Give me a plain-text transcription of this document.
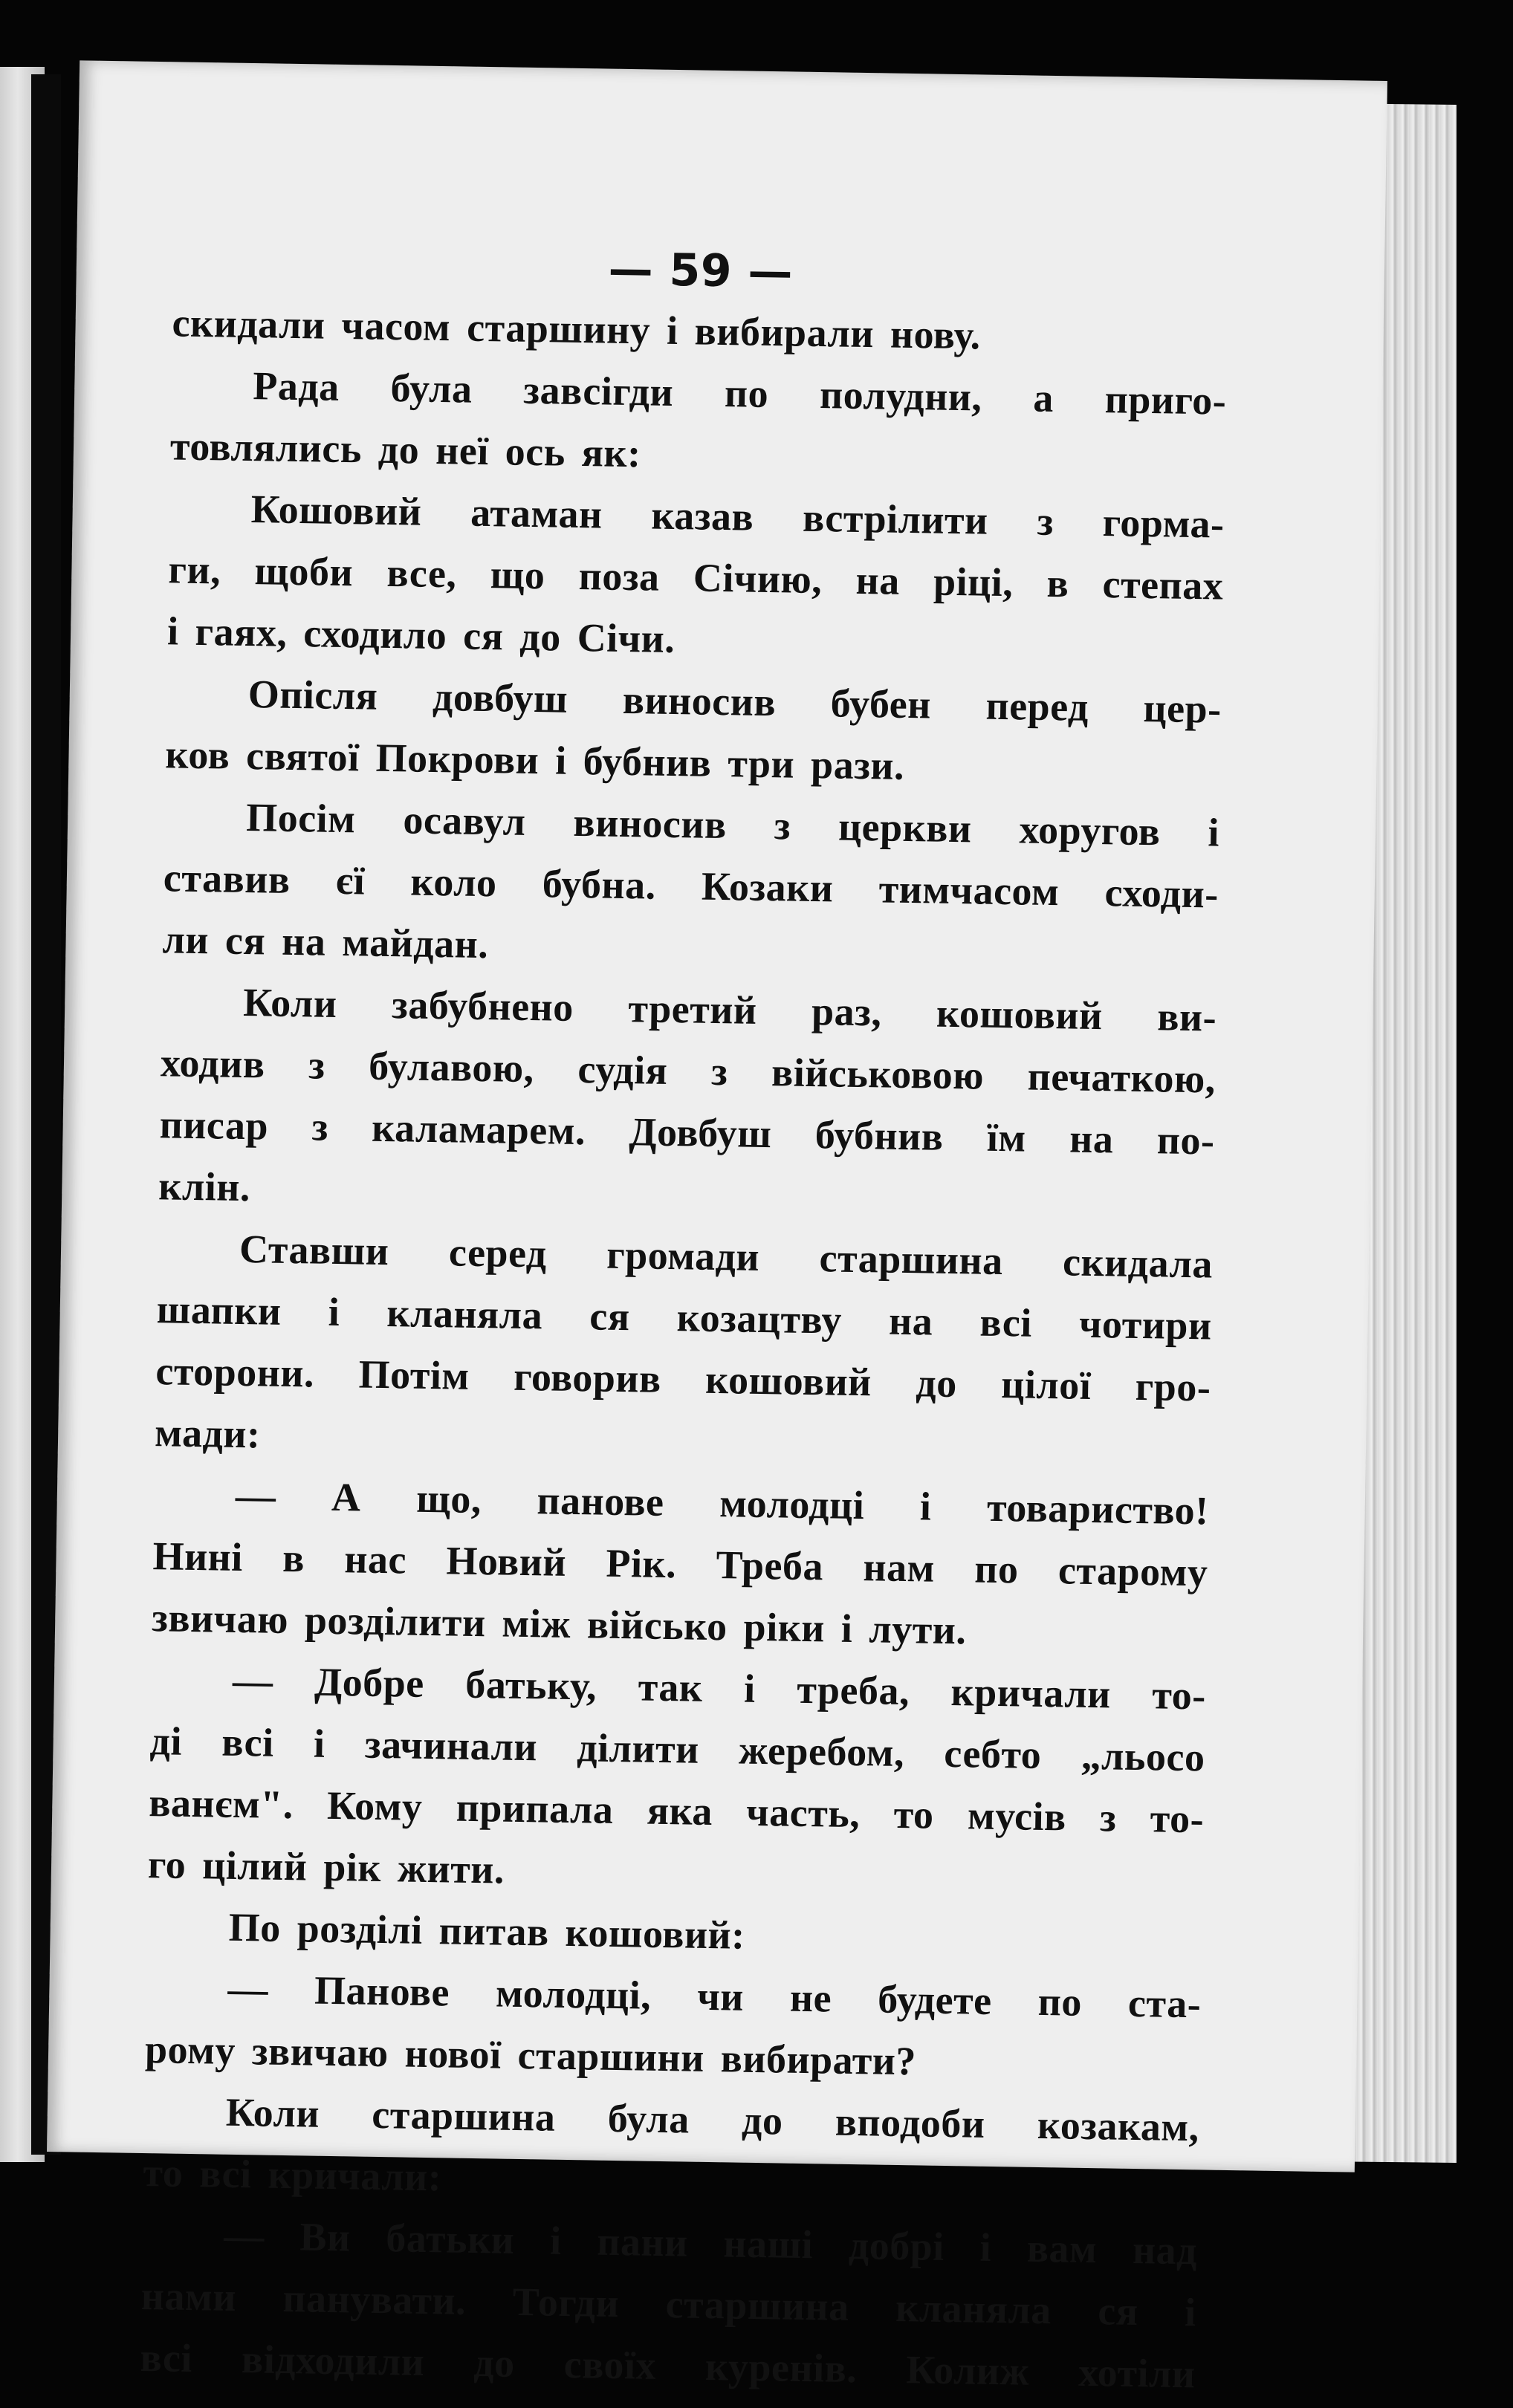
— 59 —
скидали часом старшину і вибирали нову.
Рада була завсігди по полудни, а приго-
товлялись до неї ось як:
Кошовий атаман казав встрілити з горма-
ги, щоби все, що поза Січию, на ріці, в степах
і гаях, сходило ся до Січи.
Опісля довбуш виносив бубен перед цер-
ков святої Покрови і бубнив три рази.
Посім осавул виносив з церкви хоругов і
ставив єї коло бубна. Козаки тимчасом сходи-
ли ся на майдан.
Коли забубнено третий раз, кошовий ви-
ходив з булавою, судія з військовою печаткою,
писар з каламарем. Довбуш бубнив їм на по-
клін.
Ставши серед громади старшина скидала
шапки і кланяла ся козацтву на всі чотири
сторони. Потім говорив кошовий до цілої гро-
мади:
— А що, панове молодці і товариство!
Нині в нас Новий Рік. Треба нам по старому
звичаю розділити між військо ріки і лути.
— Добре батьку, так і треба, кричали то-
ді всі і зачинали ділити жеребом, себто „льосо
ванєм". Кому припала яка часть, то мусів з то-
го цілий рік жити.
По розділі питав кошовий:
— Панове молодці, чи не будете по ста-
рому звичаю нової старшини вибирати?
Коли старшина була до вподоби козакам,
то всі кричали:
— Ви батьки і пани наші добрі і вам над
нами панувати. Тогди старшина кланяла ся і
всі відходили до своїх куренів. Колиж хотіли
